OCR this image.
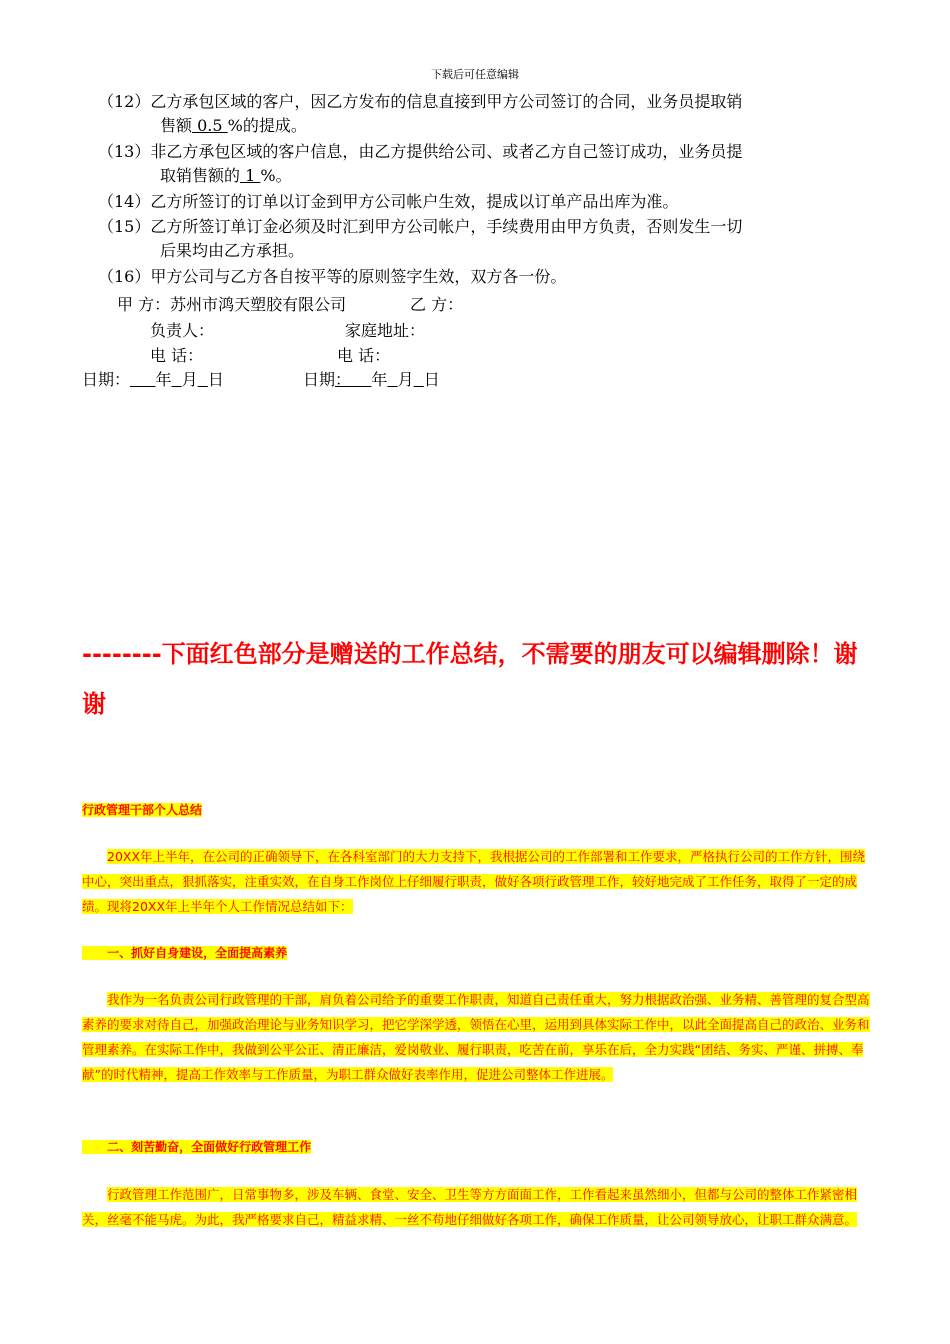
下载后可任意编辑
（12）乙方承包区域的客户，因乙方发布的信息直接到甲方公司签订的合同，业务员提取销
售额 0.5 %的提成。
（13）非乙方承包区域的客户信息，由乙方提供给公司、或者乙方自己签订成功，业务员提
取销售额的 1 %。
（14）乙方所签订的订单以订金到甲方公司帐户生效，提成以订单产品出库为准。
（15）乙方所签订单订金必须及时汇到甲方公司帐户，手续费用由甲方负责，否则发生一切
后果均由乙方承担。
（16）甲方公司与乙方各自按平等的原则签字生效，双方各一份。
甲 方：苏州市鸿天塑胶有限公司	乙 方：
负责人：	家庭地址：
电 话：	电 话：
日期： 年 月 日	日期： 年 月 日
--------下面红色部分是赠送的工作总结，不需要的朋友可以编辑删除！谢谢
行政管理干部个人总结
20XX年上半年，在公司的正确领导下，在各科室部门的大力支持下，我根据公司的工作部署和工作要求，严格执行公司的工作方针，围绕中心，突出重点，狠抓落实，注重实效，在自身工作岗位上仔细履行职责，做好各项行政管理工作，较好地完成了工作任务，取得了一定的成绩。现将20XX年上半年个人工作情况总结如下：
一、抓好自身建设，全面提高素养
我作为一名负责公司行政管理的干部，肩负着公司给予的重要工作职责，知道自己责任重大，努力根据政治强、业务精、善管理的复合型高素养的要求对待自己，加强政治理论与业务知识学习，把它学深学透，领悟在心里，运用到具体实际工作中，以此全面提高自己的政治、业务和管理素养。在实际工作中，我做到公平公正、清正廉洁，爱岗敬业、履行职责，吃苦在前，享乐在后，全力实践“团结、务实、严谨、拼搏、奉献”的时代精神，提高工作效率与工作质量，为职工群众做好表率作用，促进公司整体工作进展。
二、刻苦勤奋，全面做好行政管理工作
行政管理工作范围广，日常事物多，涉及车辆、食堂、安全、卫生等方方面面工作，工作看起来虽然细小，但都与公司的整体工作紧密相关，丝毫不能马虎。为此，我严格要求自己，精益求精、一丝不苟地仔细做好各项工作，确保工作质量，让公司领导放心，让职工群众满意。
